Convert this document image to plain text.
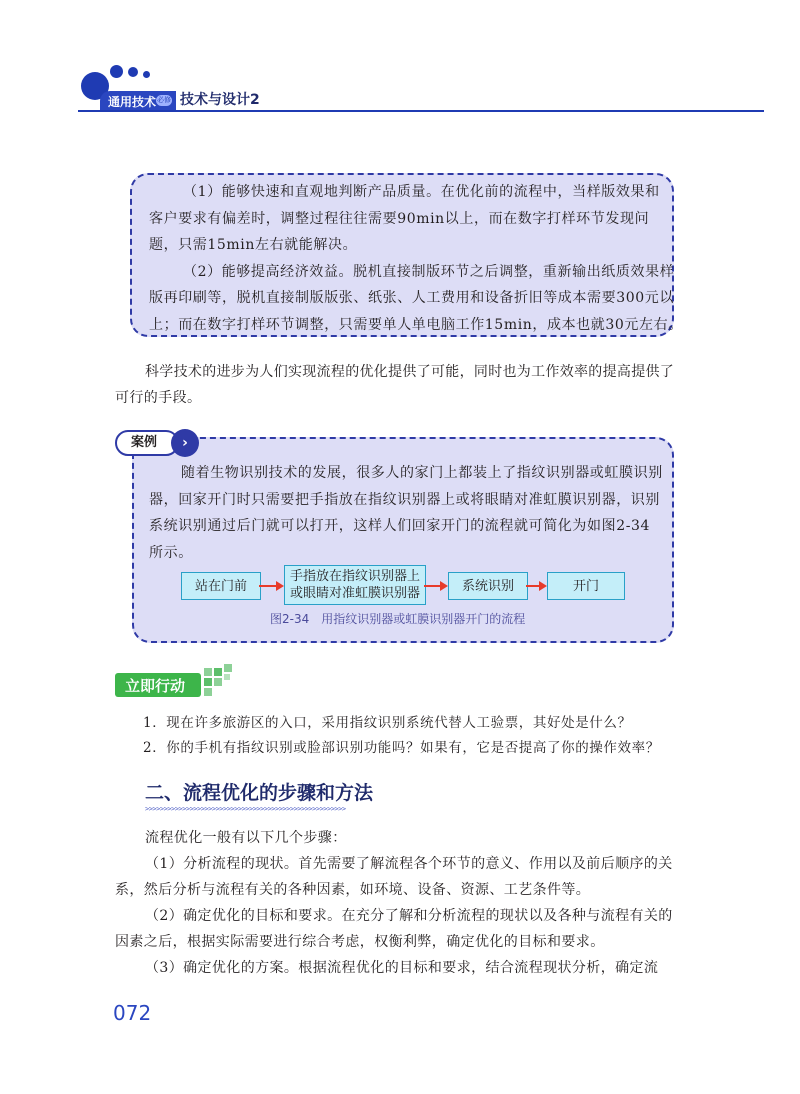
通用技术 必修 技术与设计2
（1）能够快速和直观地判断产品质量。在优化前的流程中，当样版效果和
客户要求有偏差时，调整过程往往需要90min以上，而在数字打样环节发现问
题，只需15min左右就能解决。
（2）能够提高经济效益。脱机直接制版环节之后调整，重新输出纸质效果样
版再印刷等，脱机直接制版版张、纸张、人工费用和设备折旧等成本需要300元以
上；而在数字打样环节调整，只需要单人单电脑工作15min，成本也就30元左右。
科学技术的进步为人们实现流程的优化提供了可能，同时也为工作效率的提高提供了
可行的手段。
案例	›
随着生物识别技术的发展，很多人的家门上都装上了指纹识别器或虹膜识别
器，回家开门时只需要把手指放在指纹识别器上或将眼睛对准虹膜识别器，识别
系统识别通过后门就可以打开，这样人们回家开门的流程就可简化为如图2-34
所示。
站在门前
手指放在指纹识别器上
或眼睛对准虹膜识别器	系统识别	开门
图2-34　用指纹识别器或虹膜识别器开门的流程
立即行动
1．现在许多旅游区的入口，采用指纹识别系统代替人工验票，其好处是什么？
2．你的手机有指纹识别或脸部识别功能吗？如果有，它是否提高了你的操作效率？
二、流程优化的步骤和方法
>>>>>>>>>>>>>>>>>>>>>>>>>>>>>>>>>>>>>>>>>>>>>>>>>>>>>>
流程优化一般有以下几个步骤：
（1）分析流程的现状。首先需要了解流程各个环节的意义、作用以及前后顺序的关
系，然后分析与流程有关的各种因素，如环境、设备、资源、工艺条件等。
（2）确定优化的目标和要求。在充分了解和分析流程的现状以及各种与流程有关的
因素之后，根据实际需要进行综合考虑，权衡利弊，确定优化的目标和要求。
（3）确定优化的方案。根据流程优化的目标和要求，结合流程现状分析，确定流
072
